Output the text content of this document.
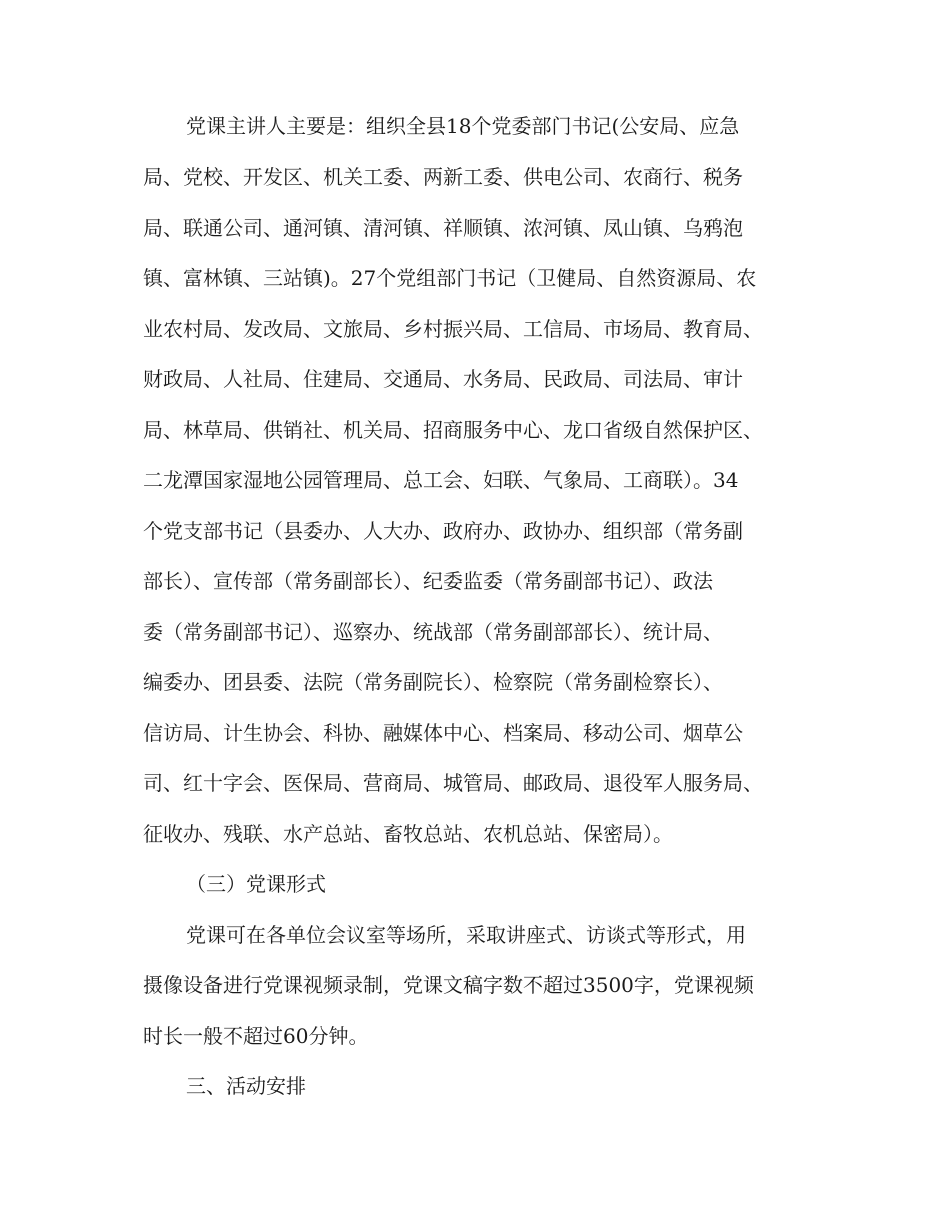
党课主讲人主要是：组织全县18个党委部门书记(公安局、应急
局、党校、开发区、机关工委、两新工委、供电公司、农商行、税务
局、联通公司、通河镇、清河镇、祥顺镇、浓河镇、凤山镇、乌鸦泡
镇、富林镇、三站镇)。27个党组部门书记（卫健局、自然资源局、农
业农村局、发改局、文旅局、乡村振兴局、工信局、市场局、教育局、
财政局、人社局、住建局、交通局、水务局、民政局、司法局、审计
局、林草局、供销社、机关局、招商服务中心、龙口省级自然保护区、
二龙潭国家湿地公园管理局、总工会、妇联、气象局、工商联）。34
个党支部书记（县委办、人大办、政府办、政协办、组织部（常务副
部长）、宣传部（常务副部长）、纪委监委（常务副部书记）、政法
委（常务副部书记）、巡察办、统战部（常务副部部长）、统计局、
编委办、团县委、法院（常务副院长）、检察院（常务副检察长）、
信访局、计生协会、科协、融媒体中心、档案局、移动公司、烟草公
司、红十字会、医保局、营商局、城管局、邮政局、退役军人服务局、
征收办、残联、水产总站、畜牧总站、农机总站、保密局）。
（三）党课形式
党课可在各单位会议室等场所，采取讲座式、访谈式等形式，用
摄像设备进行党课视频录制，党课文稿字数不超过3500字，党课视频
时长一般不超过60分钟。
三、活动安排
